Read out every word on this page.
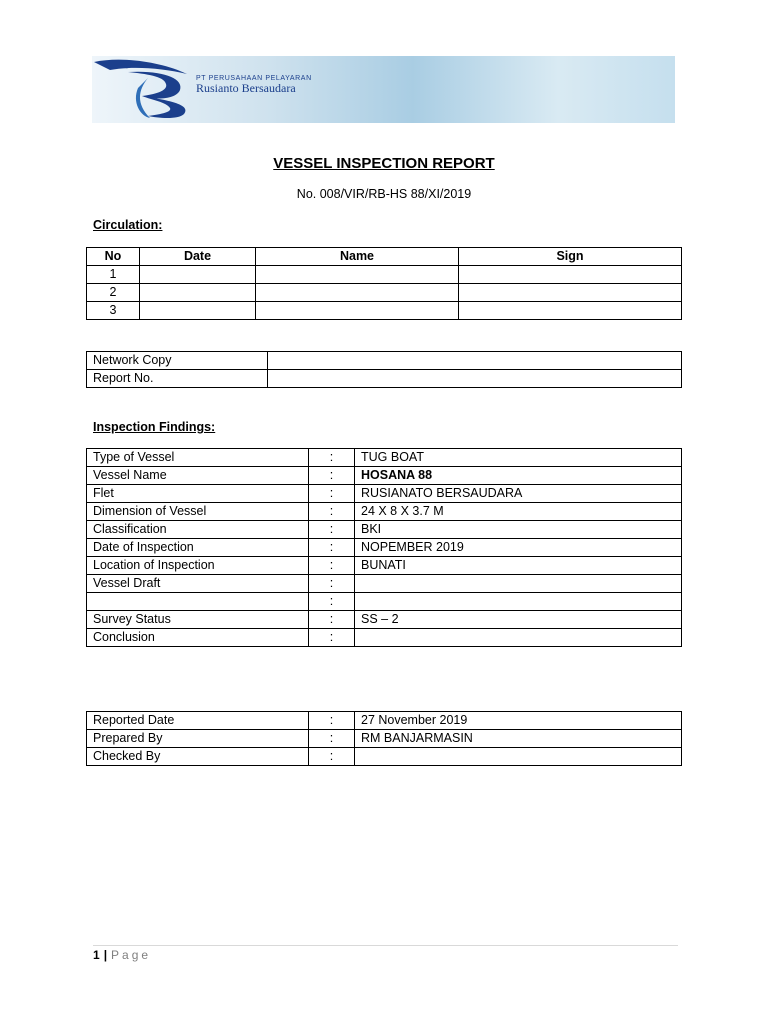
PT PERUSAHAAN PELAYARAN
Rusianto Bersaudara
VESSEL INSPECTION REPORT
No. 008/VIR/RB-HS 88/XI/2019
Circulation:
No	Date	Name	Sign
1			
2			
3			
Network Copy	
Report No.	
Inspection Findings:
Type of Vessel	:	TUG BOAT
Vessel Name	:	HOSANA 88
Flet	:	RUSIANATO BERSAUDARA
Dimension of Vessel	:	24 X 8 X 3.7 M
Classification	:	BKI
Date of Inspection	:	NOPEMBER 2019
Location of Inspection	:	BUNATI
Vessel Draft	:	
	:	
Survey Status	:	SS – 2
Conclusion	:	
Reported Date	:	27 November 2019
Prepared By	:	RM BANJARMASIN
Checked By	:	
1 | Page
